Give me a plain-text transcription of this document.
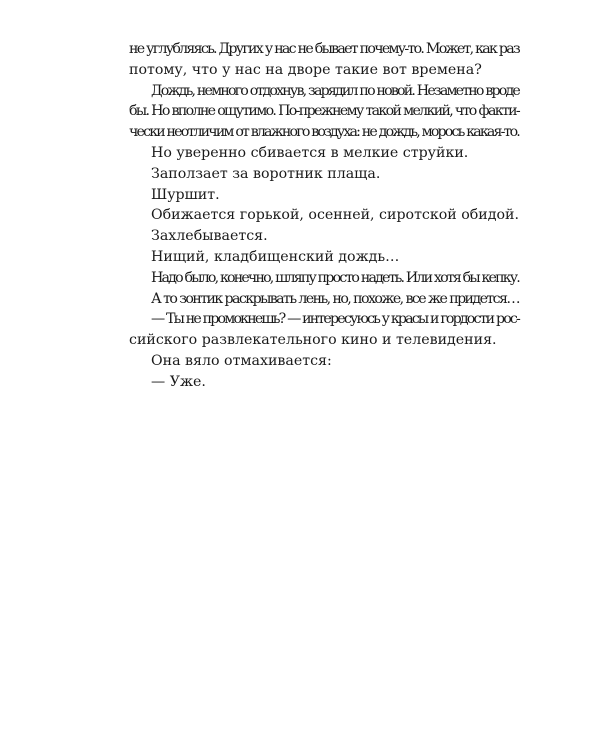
не углубляясь. Других у нас не бывает почему-то. Может, как раз
потому, что у нас на дворе такие вот времена?
Дождь, немного отдохнув, зарядил по новой. Незаметно вроде
бы. Но вполне ощутимо. По-прежнему такой мелкий, что факти-
чески неотличим от влажного воздуха: не дождь, морось какая-то.
Но уверенно сбивается в мелкие струйки.
Заползает за воротник плаща.
Шуршит.
Обижается горькой, осенней, сиротской обидой.
Захлебывается.
Нищий, кладбищенский дождь…
Надо было, конечно, шляпу просто надеть. Или хотя бы кепку.
А то зонтик раскрывать лень, но, похоже, все же придется…
— Ты не промокнешь? — интересуюсь у красы и гордости рос-
сийского развлекательного кино и телевидения.
Она вяло отмахивается:
— Уже.
